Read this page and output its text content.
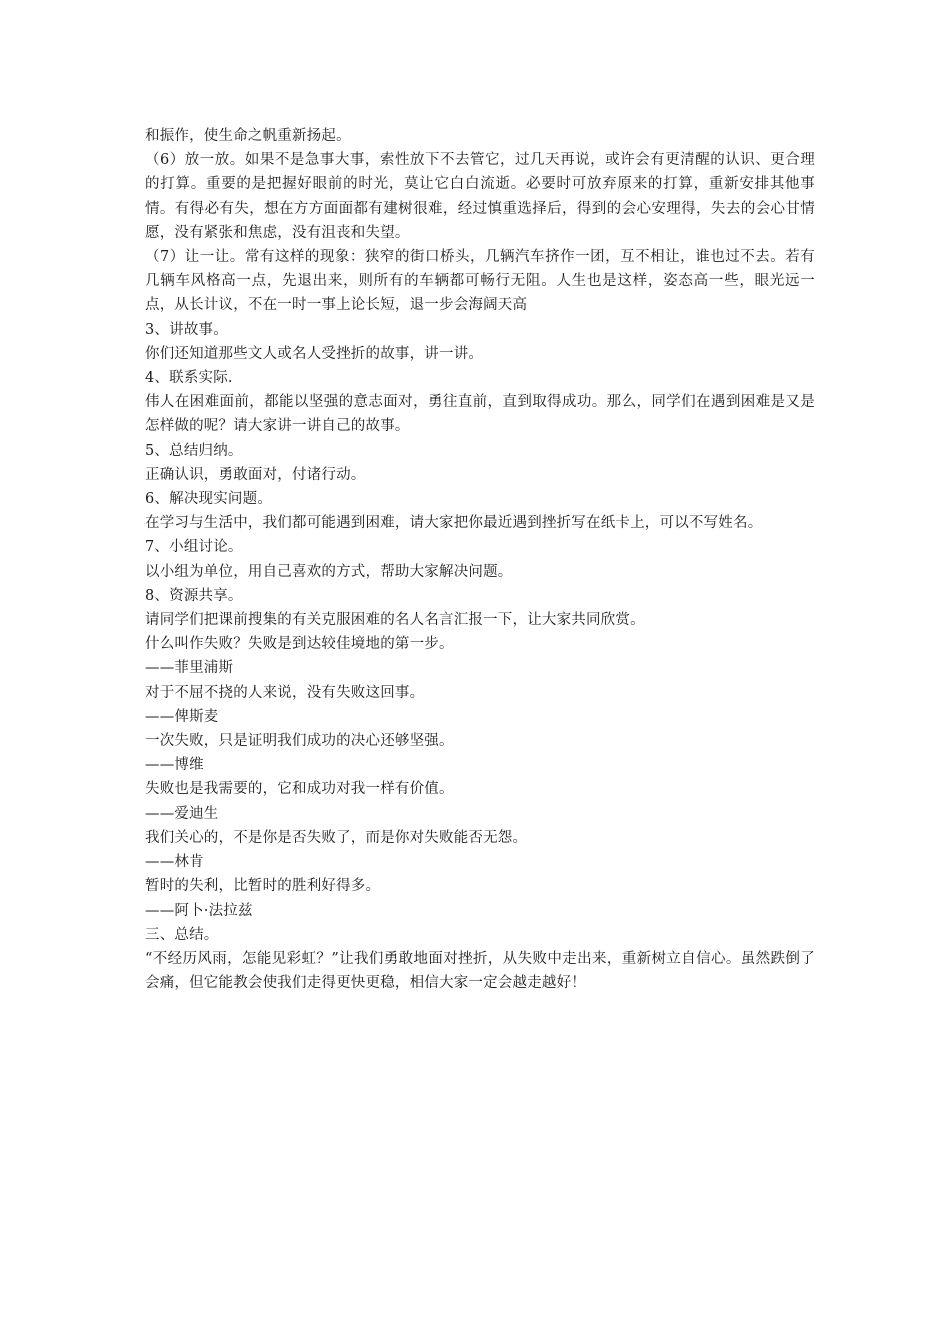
和振作，使生命之帆重新扬起。

（6）放一放。如果不是急事大事，索性放下不去管它，过几天再说，或许会有更清醒的认识、更合理的打算。重要的是把握好眼前的时光，莫让它白白流逝。必要时可放弃原来的打算，重新安排其他事情。有得必有失，想在方方面面都有建树很难，经过慎重选择后，得到的会心安理得，失去的会心甘情愿，没有紧张和焦虑，没有沮丧和失望。

（7）让一让。常有这样的现象：狭窄的街口桥头，几辆汽车挤作一团，互不相让，谁也过不去。若有几辆车风格高一点，先退出来，则所有的车辆都可畅行无阻。人生也是这样，姿态高一些，眼光远一点，从长计议，不在一时一事上论长短，退一步会海阔天高

3、讲故事。

你们还知道那些文人或名人受挫折的故事，讲一讲。

4、联系实际.

伟人在困难面前，都能以坚强的意志面对，勇往直前，直到取得成功。那么，同学们在遇到困难是又是怎样做的呢？请大家讲一讲自己的故事。

5、总结归纳。

正确认识，勇敢面对，付诸行动。

6、解决现实问题。

在学习与生活中，我们都可能遇到困难，请大家把你最近遇到挫折写在纸卡上，可以不写姓名。

7、小组讨论。

以小组为单位，用自己喜欢的方式，帮助大家解决问题。

8、资源共享。

请同学们把课前搜集的有关克服困难的名人名言汇报一下，让大家共同欣赏。

什么叫作失败？失败是到达较佳境地的第一步。

——菲里浦斯

对于不屈不挠的人来说，没有失败这回事。

——俾斯麦

一次失败，只是证明我们成功的决心还够坚强。

——博维

失败也是我需要的，它和成功对我一样有价值。

——爱迪生

我们关心的，不是你是否失败了，而是你对失败能否无怨。

——林肯

暂时的失利，比暂时的胜利好得多。

——阿卜·法拉兹

三、总结。

“不经历风雨，怎能见彩虹？”让我们勇敢地面对挫折，从失败中走出来，重新树立自信心。虽然跌倒了会痛，但它能教会使我们走得更快更稳，相信大家一定会越走越好！
